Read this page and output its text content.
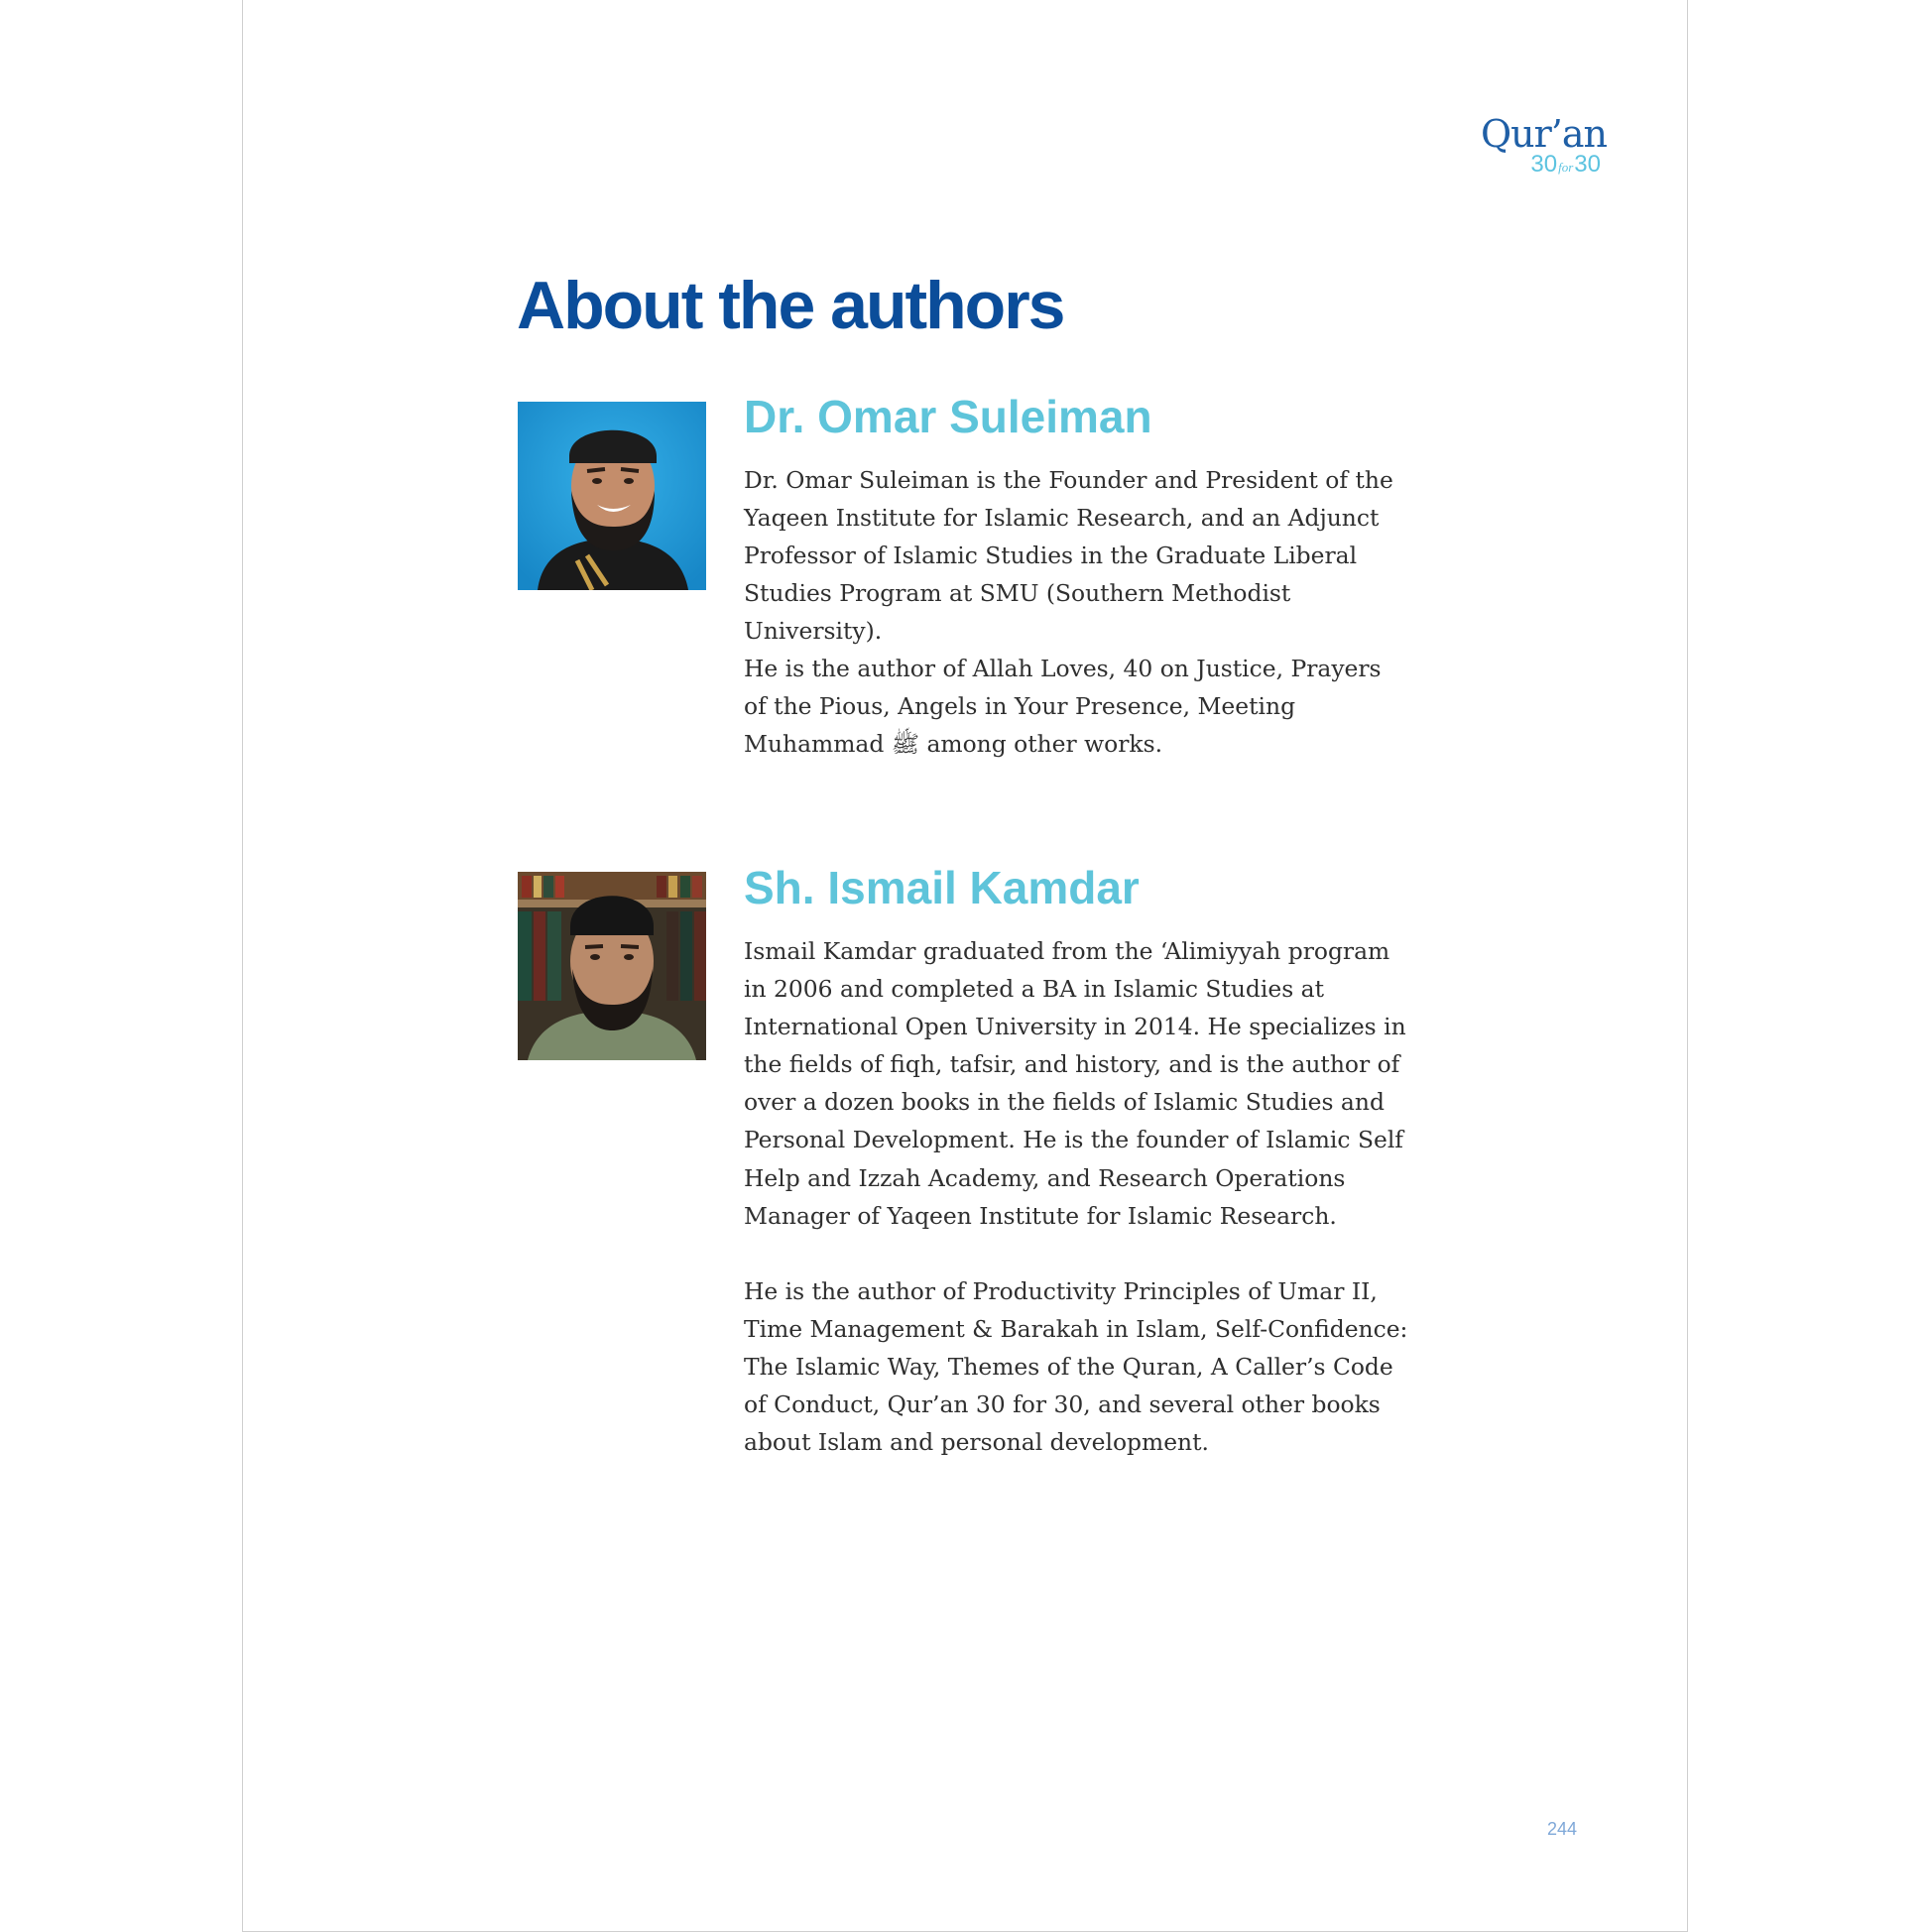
Qur’an
30for30
About the authors
Dr. Omar Suleiman

Dr. Omar Suleiman is the Founder and President of the Yaqeen Institute for Islamic Research, and an Adjunct Professor of Islamic Studies in the Graduate Liberal Studies Program at SMU (Southern Methodist University).

He is the author of Allah Loves, 40 on Justice, Prayers of the Pious, Angels in Your Presence, Meeting Muhammad ﷺ among other works.

Sh. Ismail Kamdar

Ismail Kamdar graduated from the ‘Alimiyyah program in 2006 and completed a BA in Islamic Studies at International Open University in 2014. He specializes in the fields of fiqh, tafsir, and history, and is the author of over a dozen books in the fields of Islamic Studies and Personal Development. He is the founder of Islamic Self Help and Izzah Academy, and Research Operations Manager of Yaqeen Institute for Islamic Research.

He is the author of Productivity Principles of Umar II, Time Management & Barakah in Islam, Self-Confidence: The Islamic Way, Themes of the Quran, A Caller’s Code of Conduct, Qur’an 30 for 30, and several other books about Islam and personal development.

244
